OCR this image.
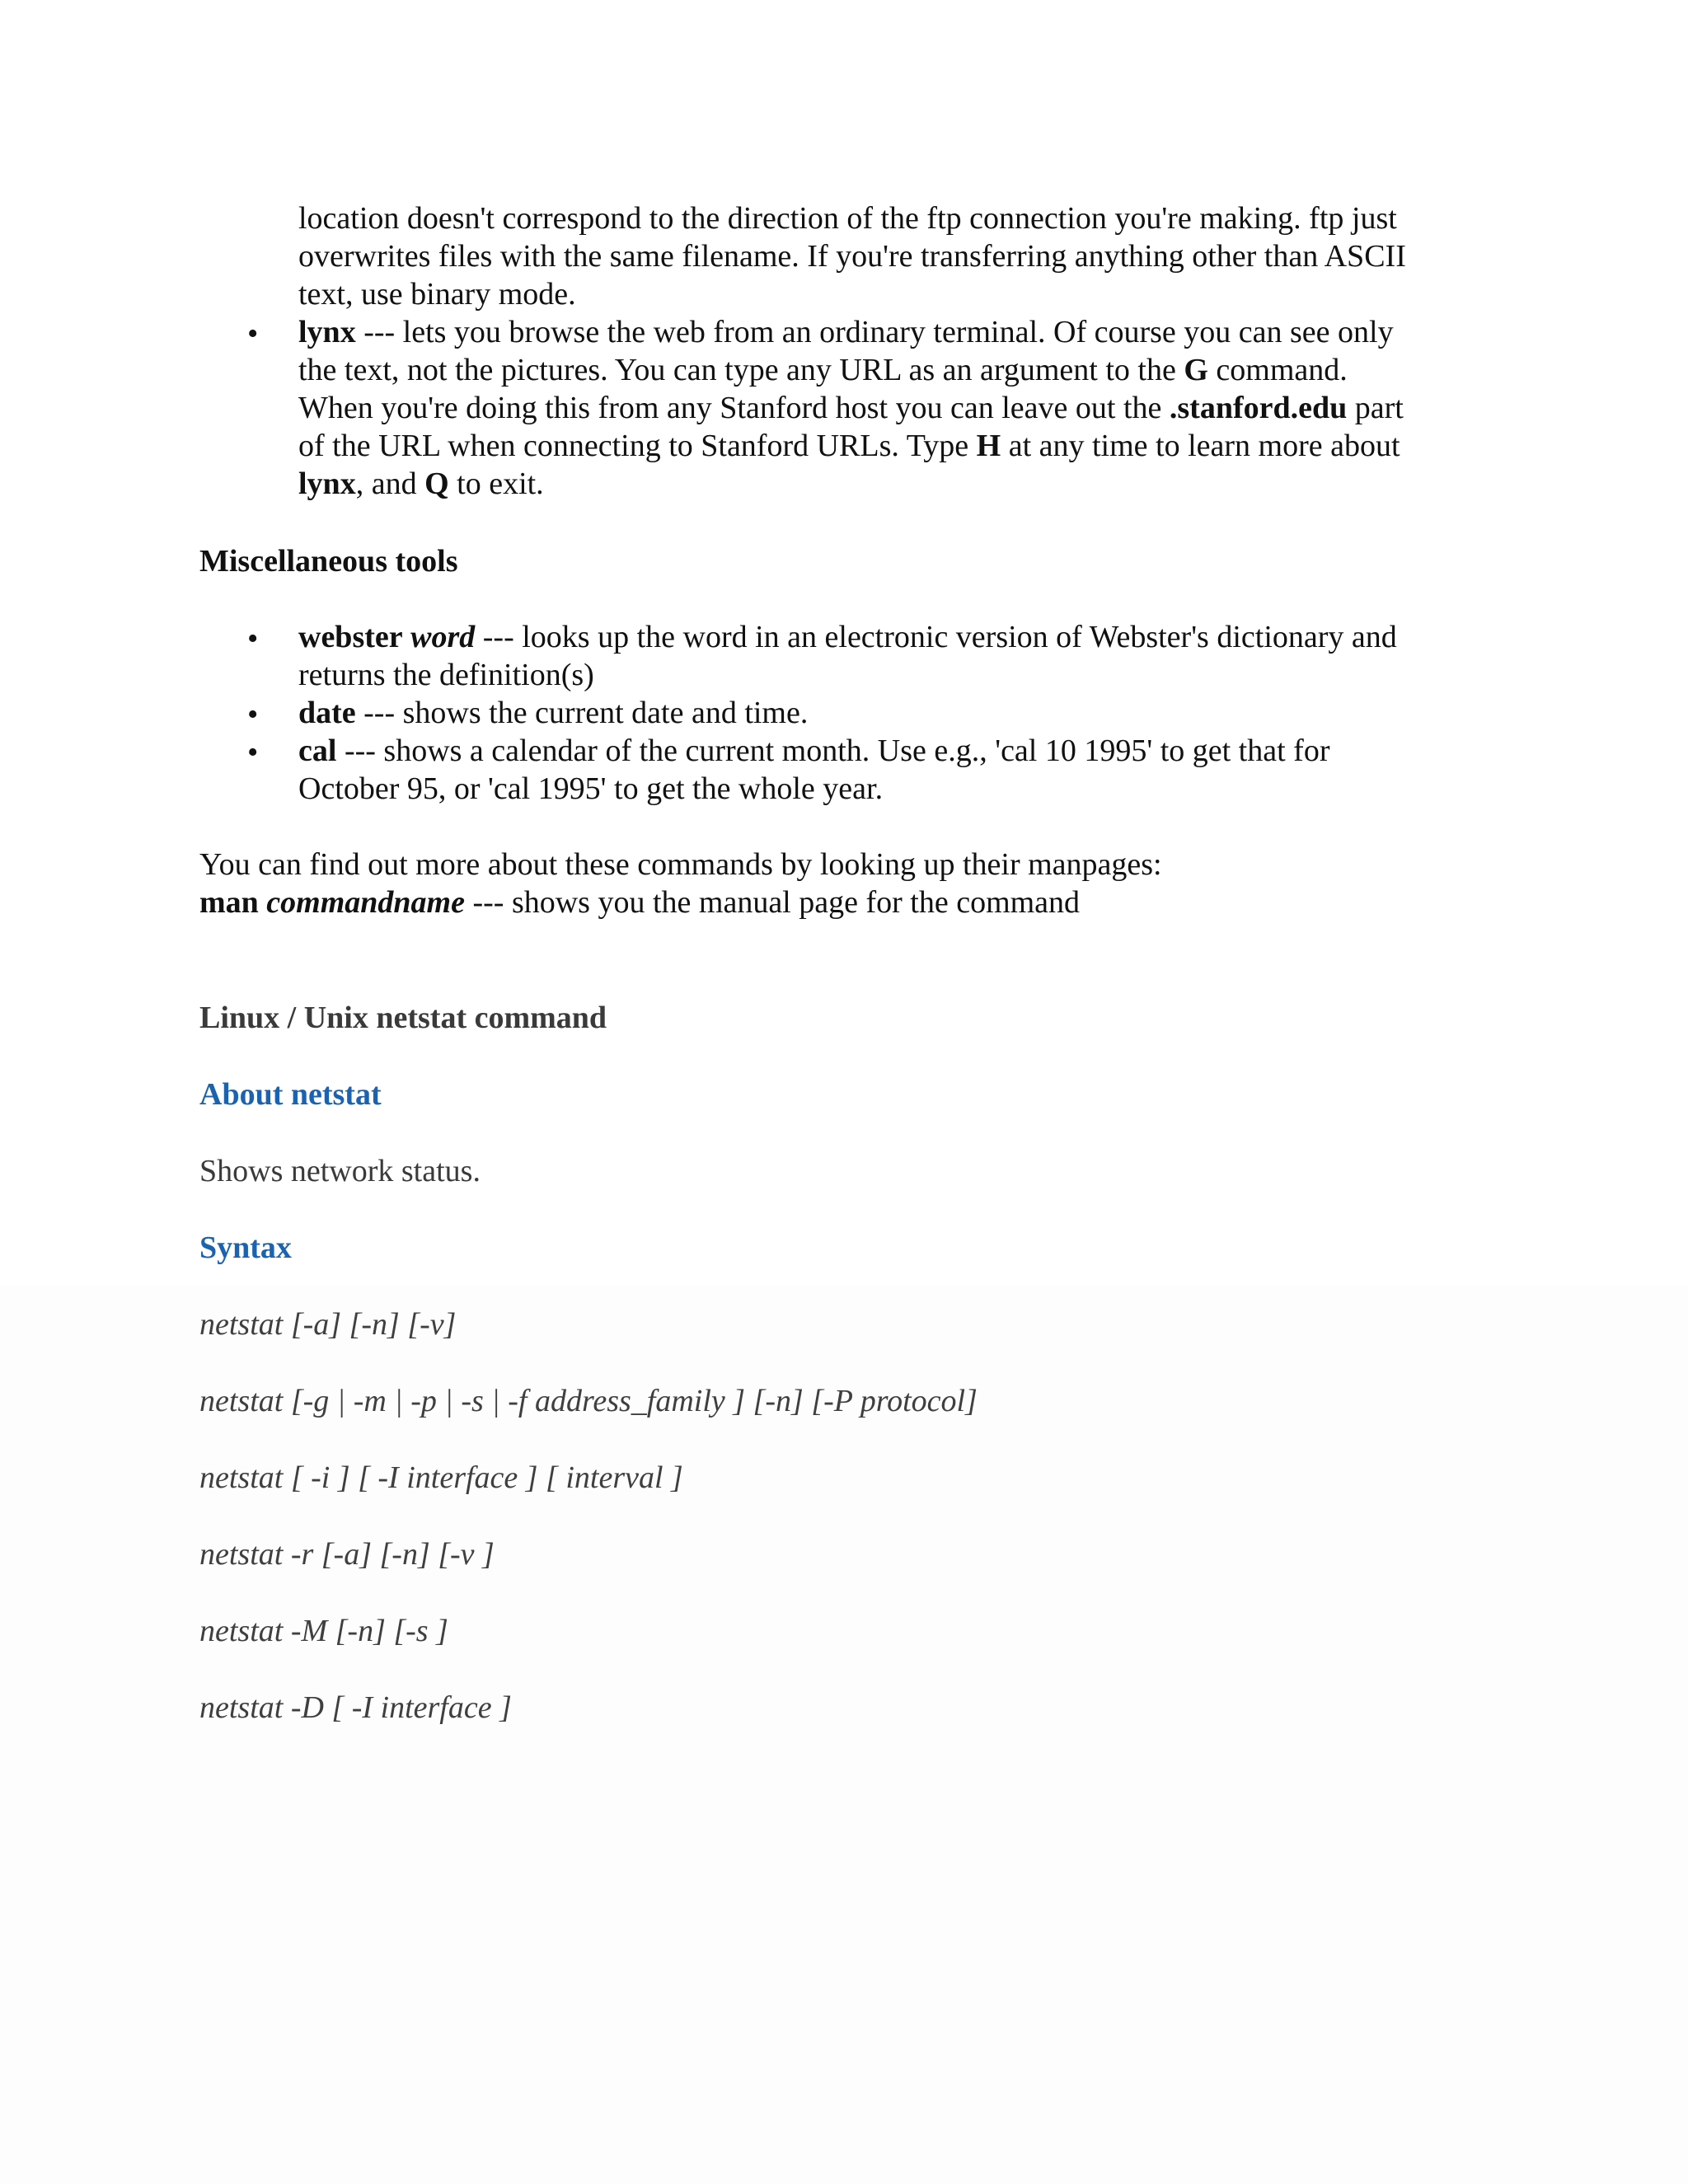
location doesn't correspond to the direction of the ftp connection you're making. ftp just
overwrites files with the same filename. If you're transferring anything other than ASCII
text, use binary mode.
• lynx --- lets you browse the web from an ordinary terminal. Of course you can see only
the text, not the pictures. You can type any URL as an argument to the G command.
When you're doing this from any Stanford host you can leave out the .stanford.edu part
of the URL when connecting to Stanford URLs. Type H at any time to learn more about
lynx, and Q to exit.
Miscellaneous tools
• webster word --- looks up the word in an electronic version of Webster's dictionary and
returns the definition(s)
• date --- shows the current date and time.
• cal --- shows a calendar of the current month. Use e.g., 'cal 10 1995' to get that for
October 95, or 'cal 1995' to get the whole year.
You can find out more about these commands by looking up their manpages:
man commandname --- shows you the manual page for the command
Linux / Unix netstat command
About netstat
Shows network status.
Syntax
netstat [-a] [-n] [-v]
netstat [-g | -m | -p | -s | -f address_family ] [-n] [-P protocol]
netstat [ -i ] [ -I interface ] [ interval ]
netstat -r [-a] [-n] [-v ]
netstat -M [-n] [-s ]
netstat -D [ -I interface ]
